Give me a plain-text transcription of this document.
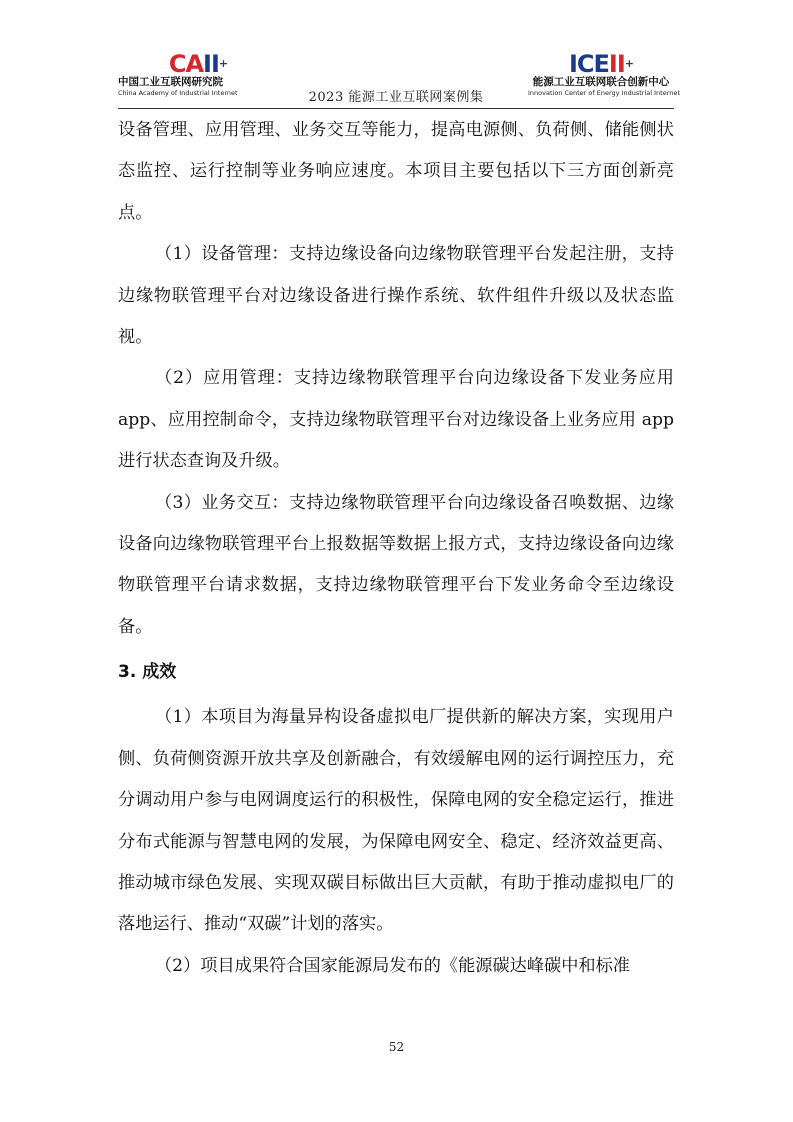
CAII+
中国工业互联网研究院
China Academy of Industrial Internet	2023 能源工业互联网案例集
ICEII+
能源工业互联网联合创新中心
Innovation Center of Energy Industrial Internet

设备管理、应用管理、业务交互等能力，提高电源侧、负荷侧、储能侧状态监控、运行控制等业务响应速度。本项目主要包括以下三方面创新亮点。

（1）设备管理：支持边缘设备向边缘物联管理平台发起注册，支持边缘物联管理平台对边缘设备进行操作系统、软件组件升级以及状态监视。

（2）应用管理：支持边缘物联管理平台向边缘设备下发业务应用 app、应用控制命令，支持边缘物联管理平台对边缘设备上业务应用 app 进行状态查询及升级。

（3）业务交互：支持边缘物联管理平台向边缘设备召唤数据、边缘设备向边缘物联管理平台上报数据等数据上报方式，支持边缘设备向边缘物联管理平台请求数据，支持边缘物联管理平台下发业务命令至边缘设备。

3. 成效

（1）本项目为海量异构设备虚拟电厂提供新的解决方案，实现用户侧、负荷侧资源开放共享及创新融合，有效缓解电网的运行调控压力，充分调动用户参与电网调度运行的积极性，保障电网的安全稳定运行，推进分布式能源与智慧电网的发展，为保障电网安全、稳定、经济效益更高、推动城市绿色发展、实现双碳目标做出巨大贡献，有助于推动虚拟电厂的落地运行、推动“双碳”计划的落实。

（2）项目成果符合国家能源局发布的《能源碳达峰碳中和标准

52
